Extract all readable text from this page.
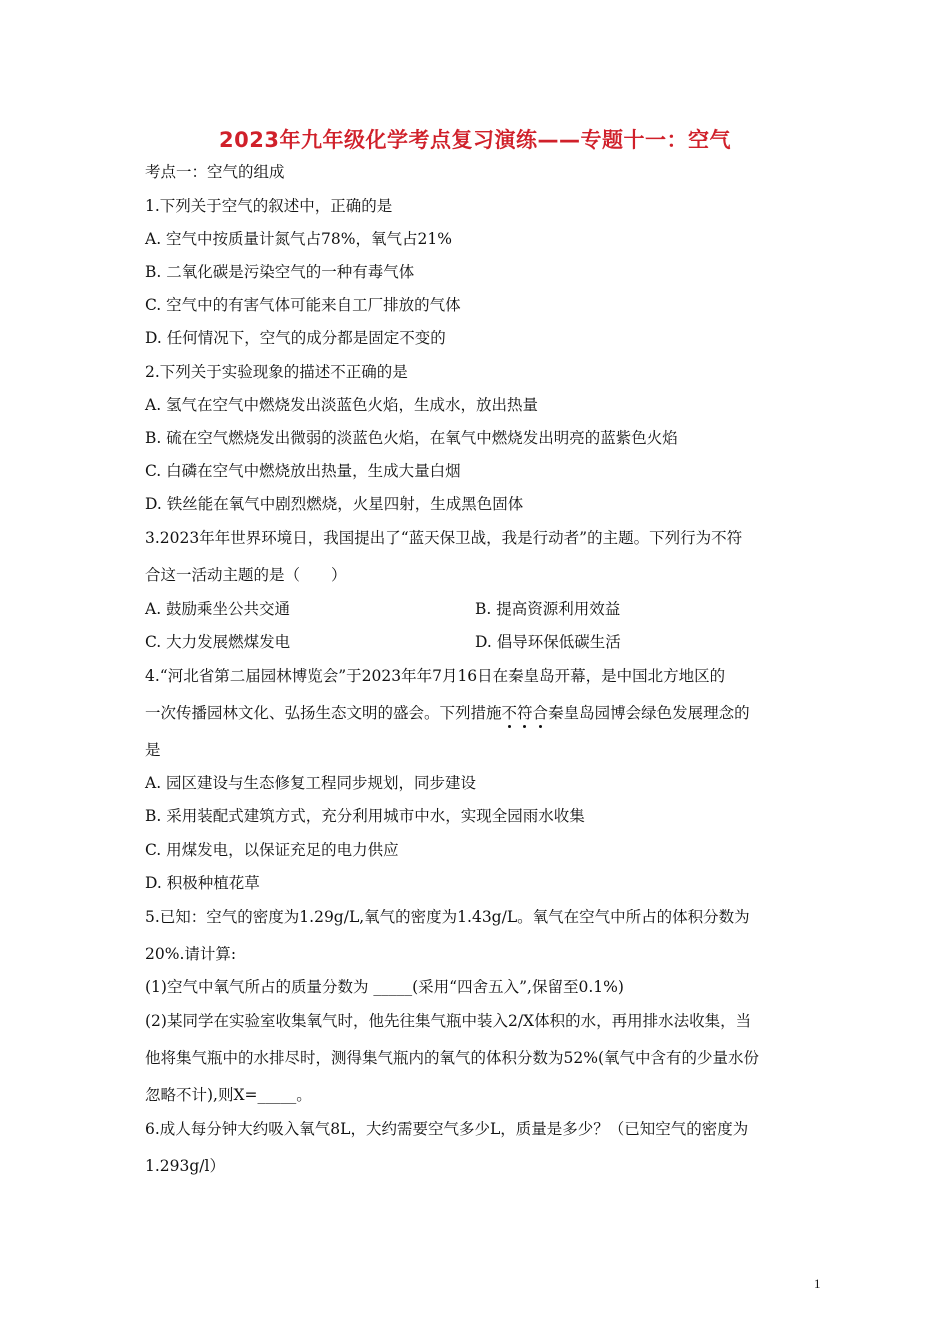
2023年九年级化学考点复习演练——专题十一：空气
考点一：空气的组成
1.下列关于空气的叙述中，正确的是
A. 空气中按质量计氮气占78%，氧气占21%
B. 二氧化碳是污染空气的一种有毒气体
C. 空气中的有害气体可能来自工厂排放的气体
D. 任何情况下，空气的成分都是固定不变的
2.下列关于实验现象的描述不正确的是
A. 氢气在空气中燃烧发出淡蓝色火焰，生成水，放出热量
B. 硫在空气燃烧发出微弱的淡蓝色火焰，在氧气中燃烧发出明亮的蓝紫色火焰
C. 白磷在空气中燃烧放出热量，生成大量白烟
D. 铁丝能在氧气中剧烈燃烧，火星四射，生成黑色固体
3.2023年年世界环境日，我国提出了“蓝天保卫战，我是行动者”的主题。下列行为不符
合这一活动主题的是（　　）
A. 鼓励乘坐公共交通	B. 提高资源利用效益
C. 大力发展燃煤发电	D. 倡导环保低碳生活
4.“河北省第二届园林博览会”于2023年年7月16日在秦皇岛开幕，是中国北方地区的
一次传播园林文化、弘扬生态文明的盛会。下列措施不符合秦皇岛园博会绿色发展理念的
是
A. 园区建设与生态修复工程同步规划，同步建设
B. 采用装配式建筑方式，充分利用城市中水，实现全园雨水收集
C. 用煤发电，以保证充足的电力供应
D. 积极种植花草
5.已知：空气的密度为1.29g/L,氧气的密度为1.43g/L。氧气在空气中所占的体积分数为
20%.请计算:
(1)空气中氧气所占的质量分数为 _____(采用“四舍五入”,保留至0.1%)
(2)某同学在实验室收集氧气时，他先往集气瓶中装入2/X体积的水，再用排水法收集，当
他将集气瓶中的水排尽时，测得集气瓶内的氧气的体积分数为52%(氧气中含有的少量水份
忽略不计),则X=_____。
6.成人每分钟大约吸入氧气8L，大约需要空气多少L，质量是多少？（已知空气的密度为
1.293g/l）
1
